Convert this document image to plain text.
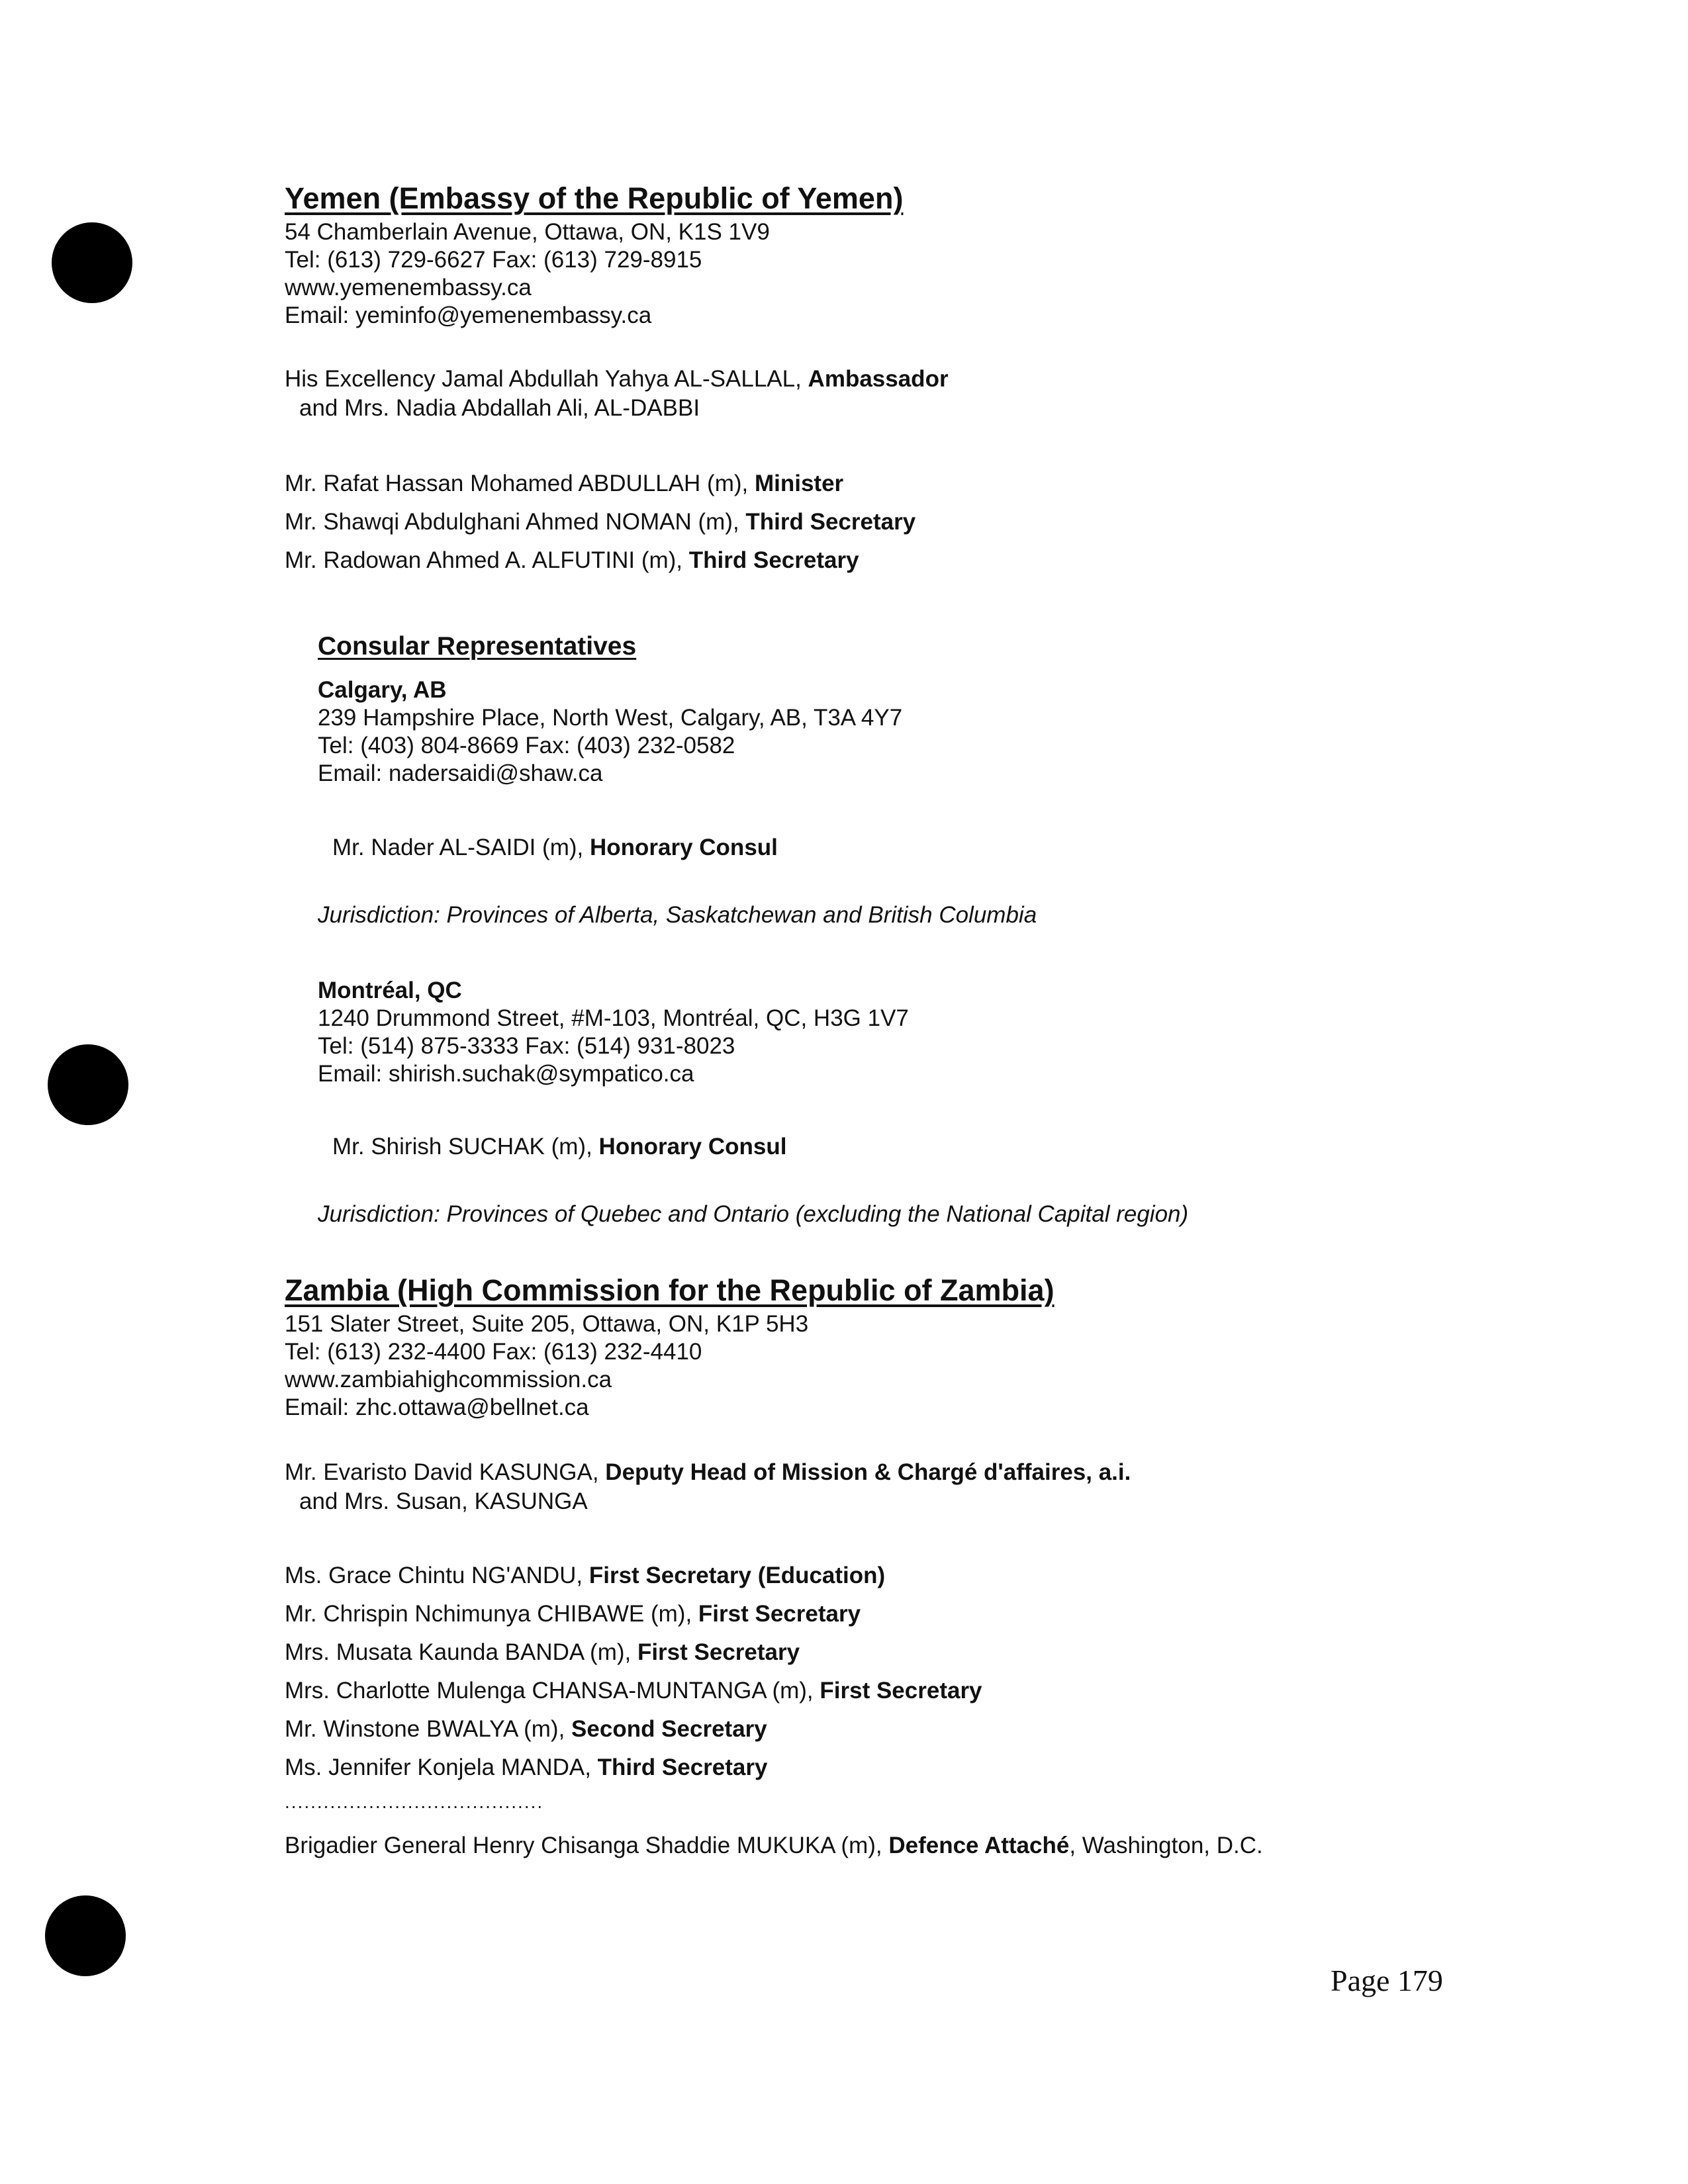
Yemen (Embassy of the Republic of Yemen)
54 Chamberlain Avenue, Ottawa, ON, K1S 1V9
Tel: (613) 729-6627 Fax: (613) 729-8915
www.yemenembassy.ca
Email: yeminfo@yemenembassy.ca
His Excellency Jamal Abdullah Yahya AL-SALLAL, Ambassador
and Mrs. Nadia Abdallah Ali, AL-DABBI
Mr. Rafat Hassan Mohamed ABDULLAH (m), Minister
Mr. Shawqi Abdulghani Ahmed NOMAN (m), Third Secretary
Mr. Radowan Ahmed A. ALFUTINI (m), Third Secretary
Consular Representatives
Calgary, AB
239 Hampshire Place, North West, Calgary, AB, T3A 4Y7
Tel: (403) 804-8669 Fax: (403) 232-0582
Email: nadersaidi@shaw.ca
Mr. Nader AL-SAIDI (m), Honorary Consul
Jurisdiction: Provinces of Alberta, Saskatchewan and British Columbia
Montréal, QC
1240 Drummond Street, #M-103, Montréal, QC, H3G 1V7
Tel: (514) 875-3333 Fax: (514) 931-8023
Email: shirish.suchak@sympatico.ca
Mr. Shirish SUCHAK (m), Honorary Consul
Jurisdiction: Provinces of Quebec and Ontario (excluding the National Capital region)
Zambia (High Commission for the Republic of Zambia)
151 Slater Street, Suite 205, Ottawa, ON, K1P 5H3
Tel: (613) 232-4400 Fax: (613) 232-4410
www.zambiahighcommission.ca
Email: zhc.ottawa@bellnet.ca
Mr. Evaristo David KASUNGA, Deputy Head of Mission & Chargé d'affaires, a.i.
and Mrs. Susan, KASUNGA
Ms. Grace Chintu NG'ANDU, First Secretary (Education)
Mr. Chrispin Nchimunya CHIBAWE (m), First Secretary
Mrs. Musata Kaunda BANDA (m), First Secretary
Mrs. Charlotte Mulenga CHANSA-MUNTANGA (m), First Secretary
Mr. Winstone BWALYA (m), Second Secretary
Ms. Jennifer Konjela MANDA, Third Secretary
........................................
Brigadier General Henry Chisanga Shaddie MUKUKA (m), Defence Attaché, Washington, D.C.
Page 179
